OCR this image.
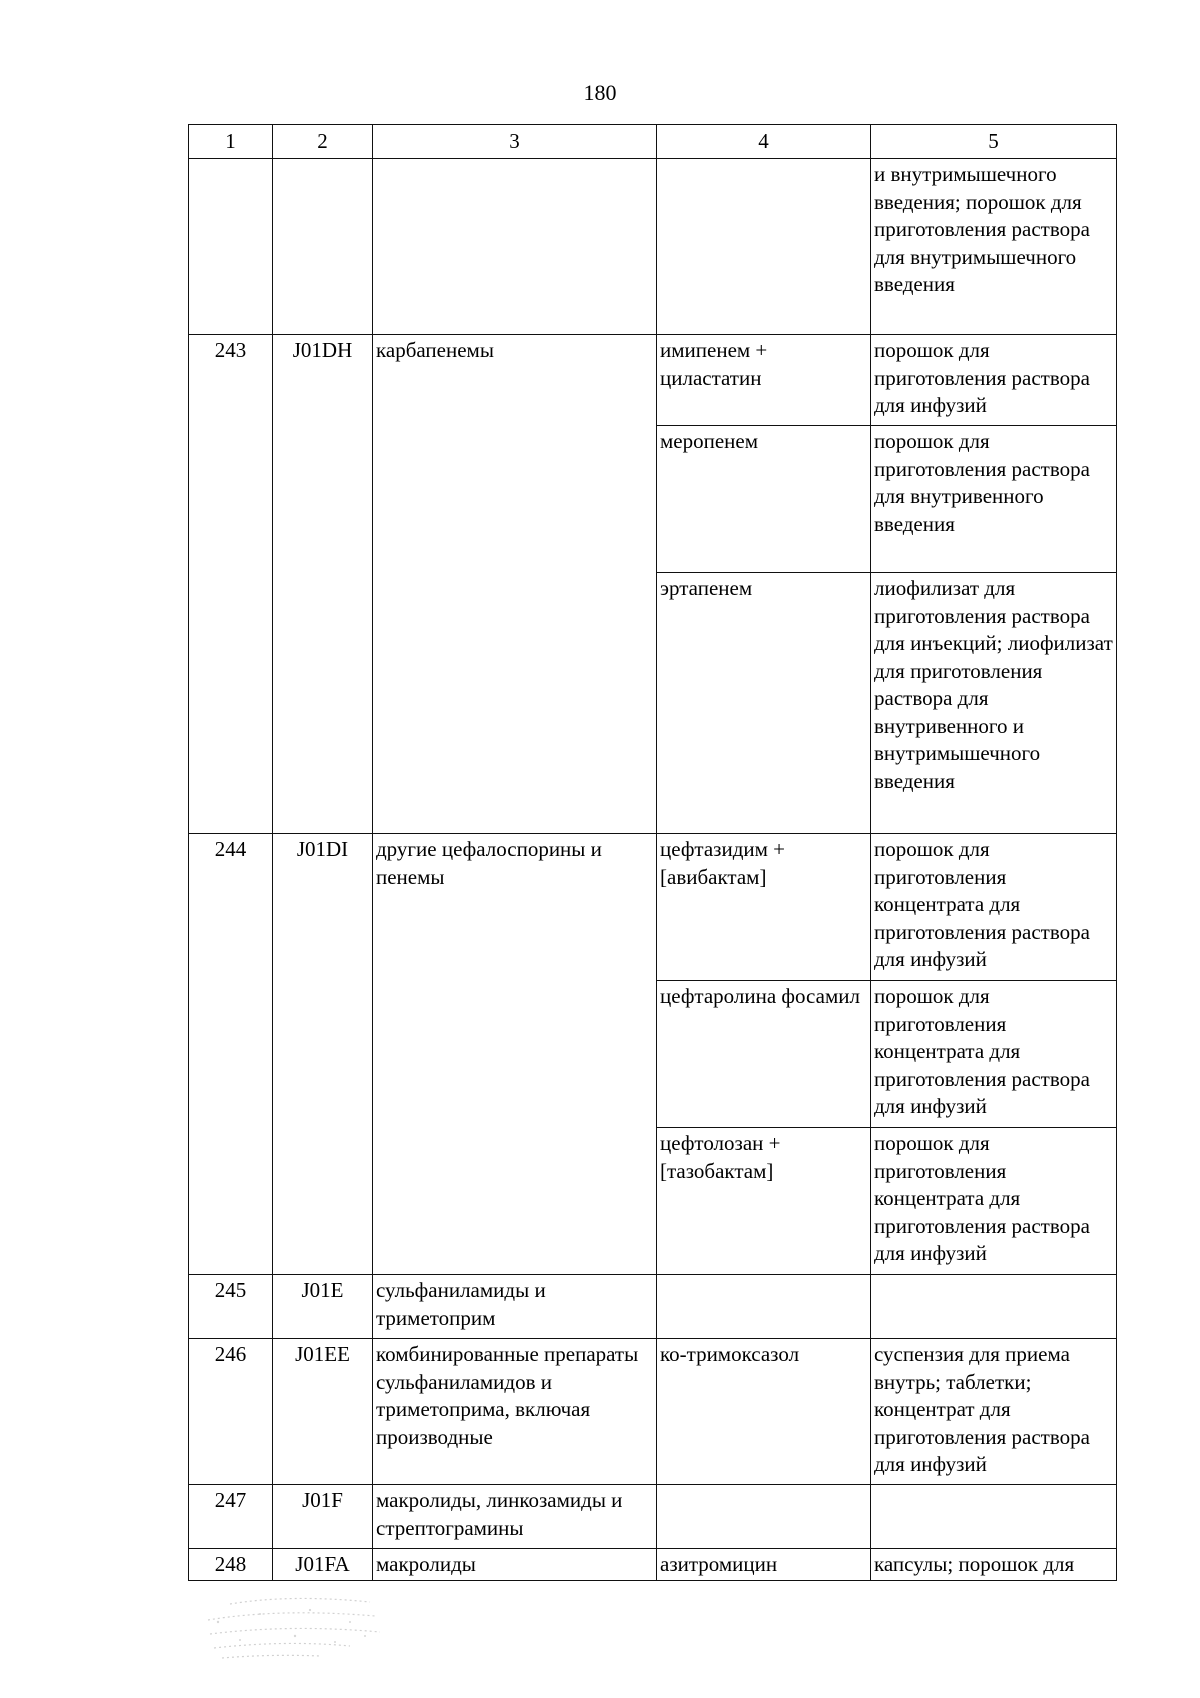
180
1	2	3	4	5
				и внутримышечного введения; порошок для приготовления раствора для внутримышечного введения
243	J01DH	карбапенемы	имипенем + циластатин	порошок для приготовления раствора для инфузий
			меропенем	порошок для приготовления раствора для внутривенного введения
			эртапенем	лиофилизат для приготовления раствора для инъекций; лиофилизат для приготовления раствора для внутривенного и внутримышечного введения
244	J01DI	другие цефалоспорины и пенемы	цефтазидим + [авибактам]	порошок для приготовления концентрата для приготовления раствора для инфузий
			цефтаролина фосамил	порошок для приготовления концентрата для приготовления раствора для инфузий
			цефтолозан + [тазобактам]	порошок для приготовления концентрата для приготовления раствора для инфузий
245	J01E	сульфаниламиды и триметоприм		
246	J01EE	комбинированные препараты сульфаниламидов и триметоприма, включая производные	ко-тримоксазол	суспензия для приема внутрь; таблетки; концентрат для приготовления раствора для инфузий
247	J01F	макролиды, линкозамиды и стрептограмины		
248	J01FA	макролиды	азитромицин	капсулы; порошок для
